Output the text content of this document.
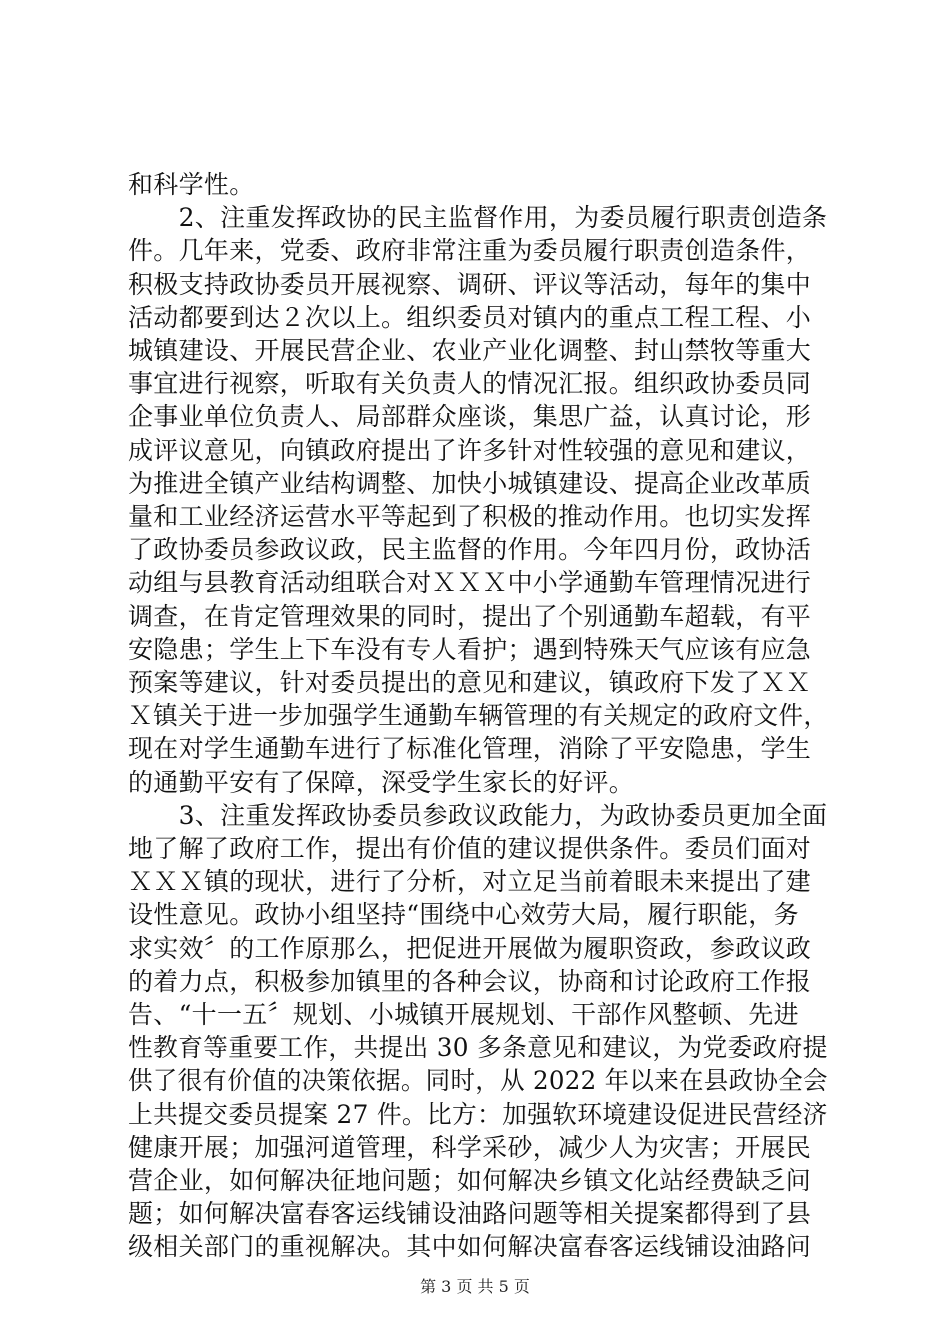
和科学性。
　　2、注重发挥政协的民主监督作用，为委员履行职责创造条
件。几年来，党委、政府非常注重为委员履行职责创造条件，
积极支持政协委员开展视察、调研、评议等活动，每年的集中
活动都要到达２次以上。组织委员对镇内的重点工程工程、小
城镇建设、开展民营企业、农业产业化调整、封山禁牧等重大
事宜进行视察，听取有关负责人的情况汇报。组织政协委员同
企事业单位负责人、局部群众座谈，集思广益，认真讨论，形
成评议意见，向镇政府提出了许多针对性较强的意见和建议，
为推进全镇产业结构调整、加快小城镇建设、提高企业改革质
量和工业经济运营水平等起到了积极的推动作用。也切实发挥
了政协委员参政议政，民主监督的作用。今年四月份，政协活
动组与县教育活动组联合对ＸＸＸ中小学通勤车管理情况进行
调查，在肯定管理效果的同时，提出了个别通勤车超载，有平
安隐患；学生上下车没有专人看护；遇到特殊天气应该有应急
预案等建议，针对委员提出的意见和建议，镇政府下发了ＸＸ
Ｘ镇关于进一步加强学生通勤车辆管理的有关规定的政府文件，
现在对学生通勤车进行了标准化管理，消除了平安隐患，学生
的通勤平安有了保障，深受学生家长的好评。
　　3、注重发挥政协委员参政议政能力，为政协委员更加全面
地了解了政府工作，提出有价值的建议提供条件。委员们面对
ＸＸＸ镇的现状，进行了分析，对立足当前着眼未来提出了建
设性意见。政协小组坚持“围绕中心效劳大局，履行职能，务
求实效〞的工作原那么，把促进开展做为履职资政，参政议政
的着力点，积极参加镇里的各种会议，协商和讨论政府工作报
告、“十一五〞规划、小城镇开展规划、干部作风整顿、先进
性教育等重要工作，共提出 30 多条意见和建议，为党委政府提
供了很有价值的决策依据。同时，从 2022 年以来在县政协全会
上共提交委员提案 27 件。比方：加强软环境建设促进民营经济
健康开展；加强河道管理，科学采砂，减少人为灾害；开展民
营企业，如何解决征地问题；如何解决乡镇文化站经费缺乏问
题；如何解决富春客运线铺设油路问题等相关提案都得到了县
级相关部门的重视解决。其中如何解决富春客运线铺设油路问
第 3 页 共 5 页
